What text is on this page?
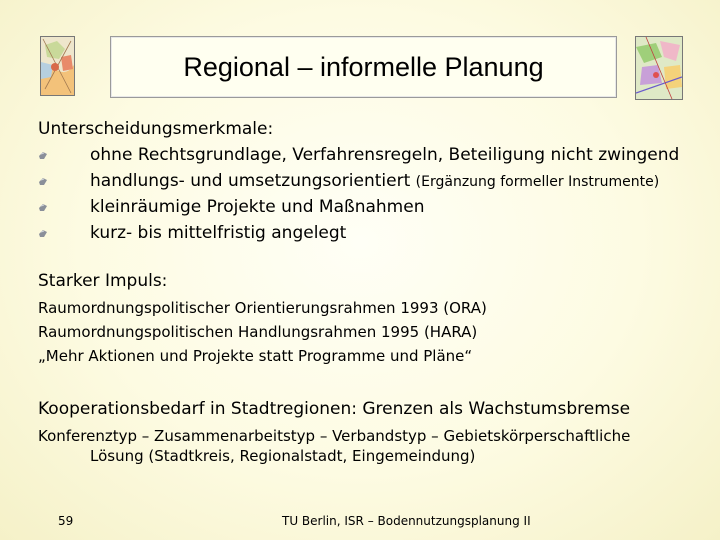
Regional – informelle Planung
Unterscheidungsmerkmale:
ohne Rechtsgrundlage, Verfahrensregeln, Beteiligung nicht zwingend
handlungs- und umsetzungsorientiert (Ergänzung formeller Instrumente)
kleinräumige Projekte und Maßnahmen
kurz- bis mittelfristig angelegt
Starker Impuls:
Raumordnungspolitischer Orientierungsrahmen 1993 (ORA)
Raumordnungspolitischen Handlungsrahmen 1995 (HARA)
„Mehr Aktionen und Projekte statt Programme und Pläne“
Kooperationsbedarf in Stadtregionen: Grenzen als Wachstumsbremse
Konferenztyp – Zusammenarbeitstyp – Verbandstyp – Gebietskörperschaftliche
Lösung (Stadtkreis, Regionalstadt, Eingemeindung)
59	TU Berlin, ISR – Bodennutzungsplanung II
